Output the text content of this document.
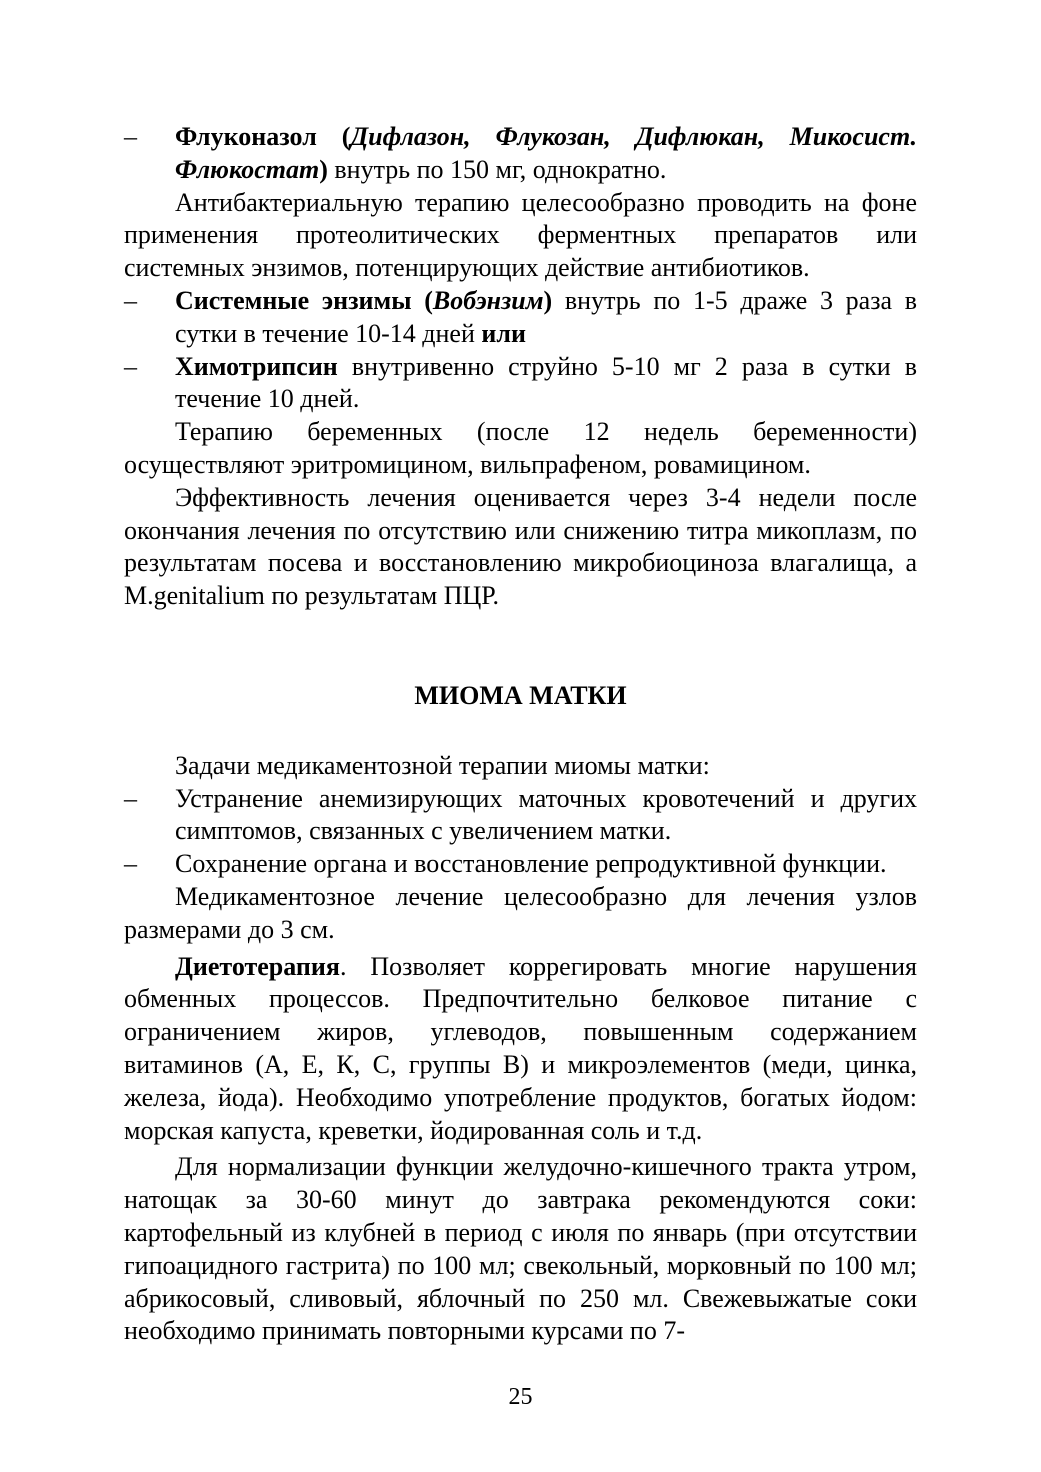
– Флуконазол (Дифлазон, Флукозан, Дифлюкан, Микосист. Флюкостат) внутрь по 150 мг, однократно.
Антибактериальную терапию целесообразно проводить на фоне применения протеолитических ферментных препаратов или системных энзимов, потенцирующих действие антибиотиков.
– Системные энзимы (Вобэнзим) внутрь по 1-5 драже 3 раза в сутки в течение 10-14 дней или
– Химотрипсин внутривенно струйно 5-10 мг 2 раза в сутки в течение 10 дней.
Терапию беременных (после 12 недель беременности) осуществляют эритромицином, вильпрафеном, ровамицином.
Эффективность лечения оценивается через 3-4 недели после окончания лечения по отсутствию или снижению титра микоплазм, по результатам посева и восстановлению микробиоциноза влагалища, а M.genitalium по результатам ПЦР.
МИОМА МАТКИ
Задачи медикаментозной терапии миомы матки:
– Устранение анемизирующих маточных кровотечений и других симптомов, связанных с увеличением матки.
– Сохранение органа и восстановление репродуктивной функции.
Медикаментозное лечение целесообразно для лечения узлов размерами до 3 см.
Диетотерапия. Позволяет коррегировать многие нарушения обменных процессов. Предпочтительно белковое питание с ограничением жиров, углеводов, повышенным содержанием витаминов (А, Е, К, С, группы В) и микроэлементов (меди, цинка, железа, йода). Необходимо употребление продуктов, богатых йодом: морская капуста, креветки, йодированная соль и т.д.
Для нормализации функции желудочно-кишечного тракта утром, натощак за 30-60 минут до завтрака рекомендуются соки: картофельный из клубней в период с июля по январь (при отсутствии гипоацидного гастрита) по 100 мл; свекольный, морковный по 100 мл; абрикосовый, сливовый, яблочный по 250 мл. Свежевыжатые соки необходимо принимать повторными курсами по 7-
25
